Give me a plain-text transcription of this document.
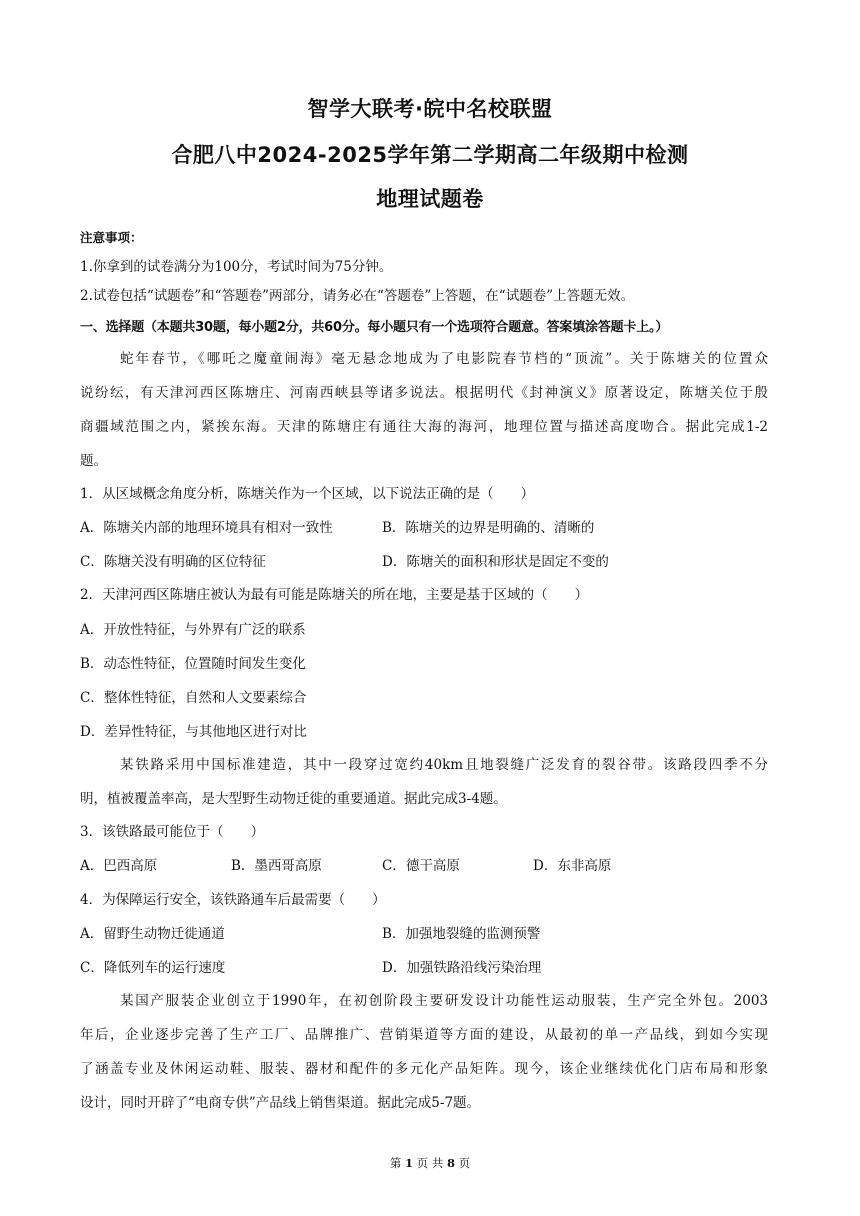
智学大联考·皖中名校联盟
合肥八中2024-2025学年第二学期高二年级期中检测
地理试题卷
注意事项：
1.你拿到的试卷满分为100分，考试时间为75分钟。
2.试卷包括“试题卷”和“答题卷”两部分，请务必在“答题卷”上答题，在“试题卷”上答题无效。
一、选择题（本题共30题，每小题2分，共60分。每小题只有一个选项符合题意。答案填涂答题卡上。）
蛇年春节，《哪吒之魔童闹海》毫无悬念地成为了电影院春节档的“顶流”。关于陈塘关的位置众
说纷纭，有天津河西区陈塘庄、河南西峡县等诸多说法。根据明代《封神演义》原著设定，陈塘关位于殷
商疆域范围之内，紧挨东海。天津的陈塘庄有通往大海的海河，地理位置与描述高度吻合。据此完成1-2
题。
1．从区域概念角度分析，陈塘关作为一个区域，以下说法正确的是（　　）
A．陈塘关内部的地理环境具有相对一致性	B．陈塘关的边界是明确的、清晰的
C．陈塘关没有明确的区位特征	D．陈塘关的面积和形状是固定不变的
2．天津河西区陈塘庄被认为最有可能是陈塘关的所在地，主要是基于区域的（　　）
A．开放性特征，与外界有广泛的联系
B．动态性特征，位置随时间发生变化
C．整体性特征，自然和人文要素综合
D．差异性特征，与其他地区进行对比
某铁路采用中国标准建造，其中一段穿过宽约40km且地裂缝广泛发育的裂谷带。该路段四季不分
明，植被覆盖率高，是大型野生动物迁徙的重要通道。据此完成3-4题。
3．该铁路最可能位于（　　）
A．巴西高原	B．墨西哥高原	C．德干高原	D．东非高原
4．为保障运行安全，该铁路通车后最需要（　　）
A．留野生动物迁徙通道	B．加强地裂缝的监测预警
C．降低列车的运行速度	D．加强铁路沿线污染治理
某国产服装企业创立于1990年，在初创阶段主要研发设计功能性运动服装，生产完全外包。2003
年后，企业逐步完善了生产工厂、品牌推广、营销渠道等方面的建设，从最初的单一产品线，到如今实现
了涵盖专业及休闲运动鞋、服装、器材和配件的多元化产品矩阵。现今，该企业继续优化门店布局和形象
设计，同时开辟了“电商专供”产品线上销售渠道。据此完成5-7题。
第 1 页 共 8 页
